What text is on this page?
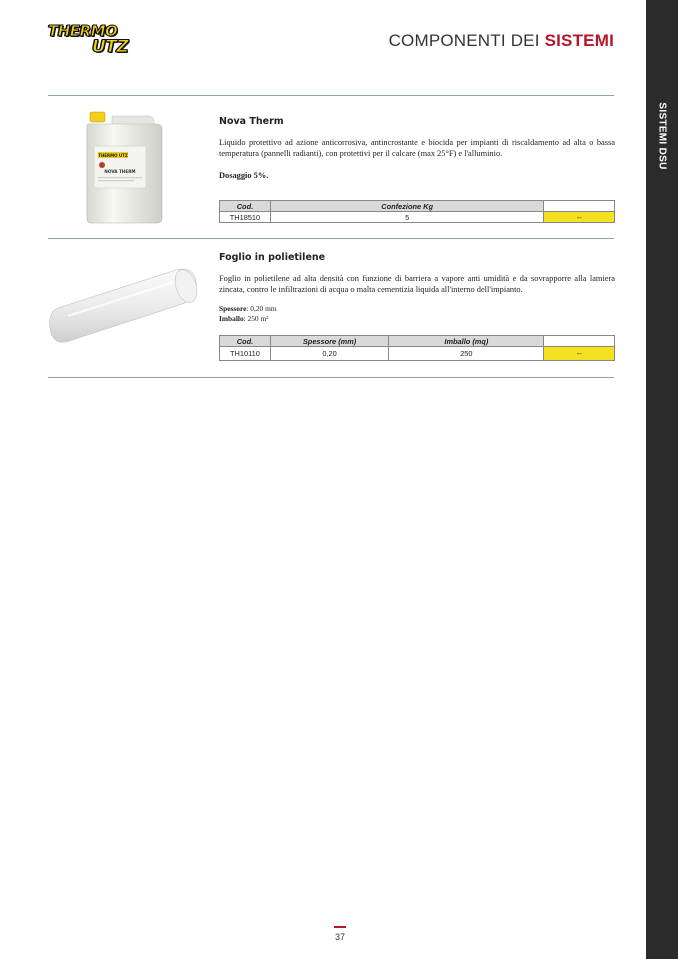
THERMO
UTZ	COMPONENTI DEI SISTEMI
SISTEMI DSU
THERMO UTZ
NOVA THERM
Nova Therm
Liquido protettivo ad azione anticorrosiva, antincrostante e biocida per impianti di riscaldamento ad alta o bassa temperatura (pannelli radianti), con protettivi per il calcare (max 25°F) e l'alluminio.
Dosaggio 5%.
Cod.	Confezione Kg	
TH18510	5	--
Foglio in polietilene
Foglio in polietilene ad alta densità con funzione di barriera a vapore anti umidità e da sovrapporre alla lamiera zincata, contro le infiltrazioni di acqua o malta cementizia liquida all'interno dell'impianto.
Spessore: 0,20 mm
Imballo: 250 m²
Cod.	Spessore (mm)	Imballo (mq)	
TH10110	0,20	250	--
37
